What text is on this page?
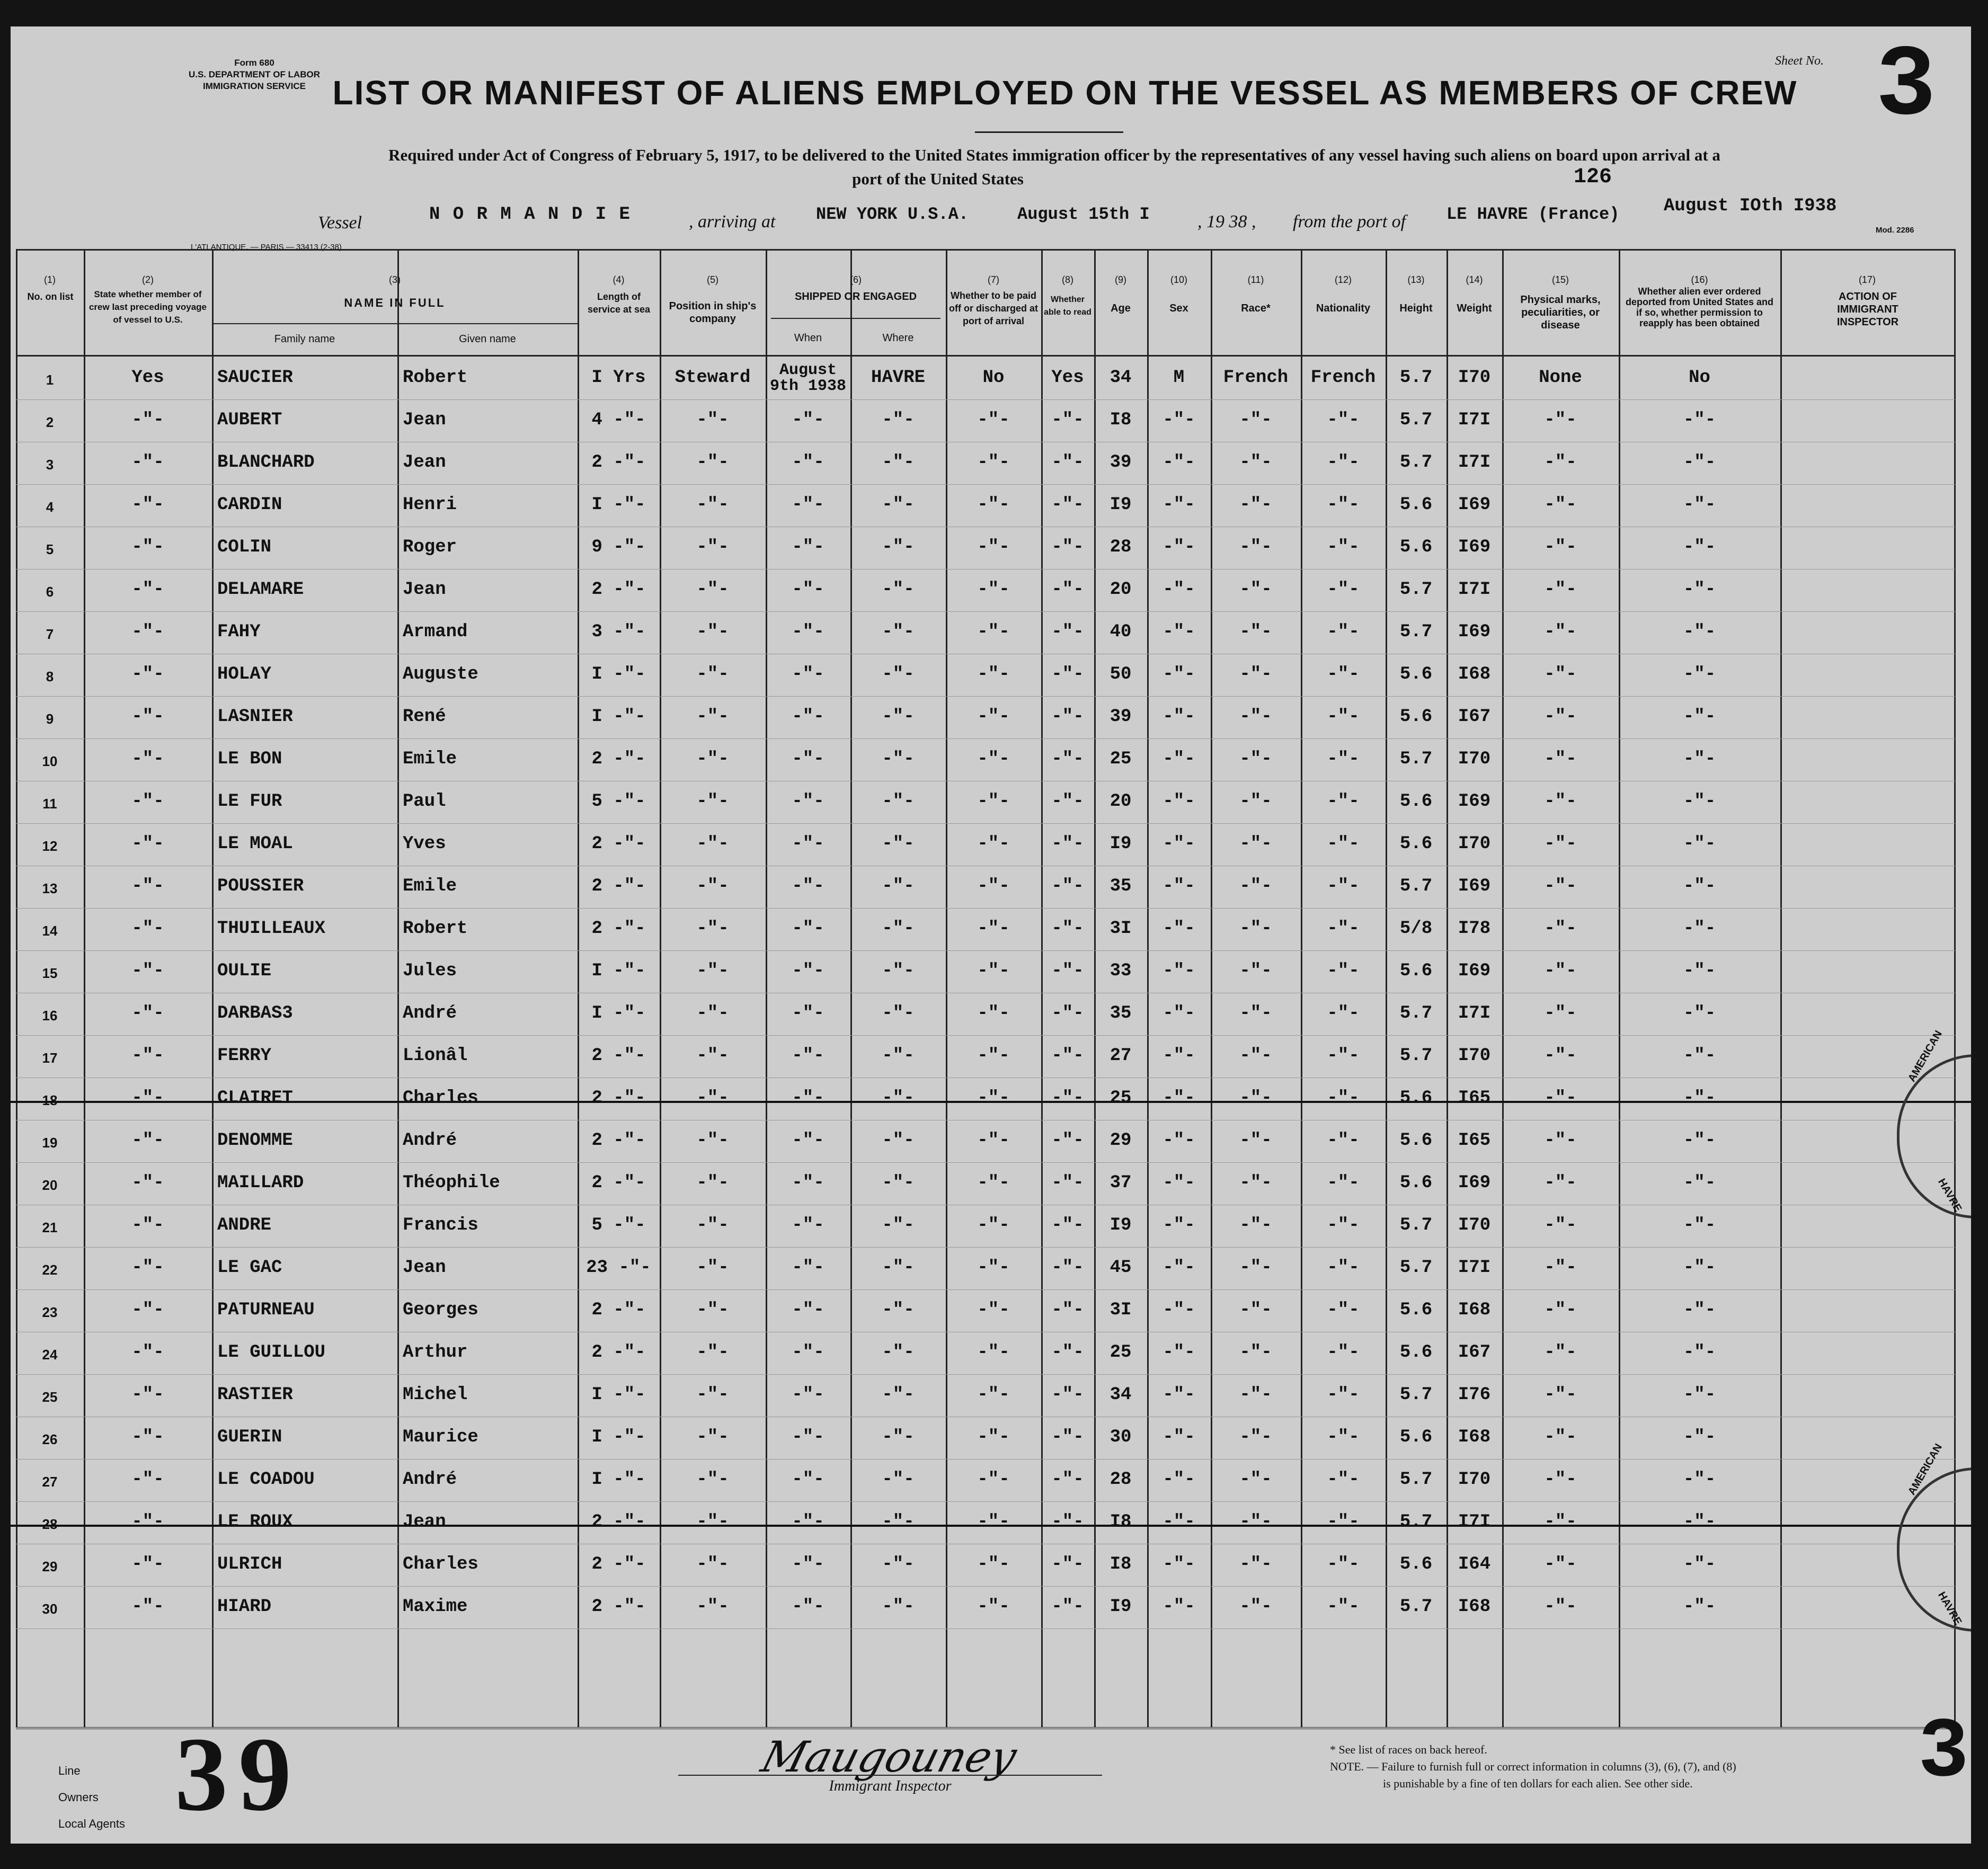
Form 680
U.S. DEPARTMENT OF LABOR
IMMIGRATION SERVICE
Sheet No. 3
LIST OR MANIFEST OF ALIENS EMPLOYED ON THE VESSEL AS MEMBERS OF CREW
Required under Act of Congress of February 5, 1917, to be delivered to the United States immigration officer by the representatives of any vessel having such aliens on board upon arrival at a
port of the United States	126
Vessel	N O R M A N D I E	, arriving at NEW YORK U.S.A.	August 15th I	, 19 38 , from the port of LE HAVRE (France) August IOth I938
L'ATLANTIQUE. — PARIS — 33413 (2-38)
Mod. 2286
(1)	(2)	(3)	(4)	(5)	(6)	(7)	(8)	(9)	(10)	(11)	(12)	(13)	(14)	(15)	(16)	(17)
No. on list	State whether member of crew last preceding voyage of vessel to U.S.
NAME IN FULL
Family name	Given name
Length of service at sea	Position in ship's company
SHIPPED OR ENGAGED
When	Where
Whether to be paid off or discharged at port of arrival
Whether able to read	Age	Sex	Race*	Nationality	Height	Weight
Physical marks, peculiarities, or disease
Whether alien ever ordered deported from United States and if so, whether permission to reapply has been obtained
ACTION OF IMMIGRANT INSPECTOR
1	Yes	SAUCIER	Robert	I Yrs	Steward	August 9th 1938	HAVRE	No	Yes	34	M	French	French	5.7	I70	None	No
2	-"-	AUBERT	Jean	4 -"-	-"-	-"-	-"-	-"-	-"-	I8	-"-	-"-	-"-	5.7	I7I	-"-	-"-
3	-"-	BLANCHARD	Jean	2 -"-	-"-	-"-	-"-	-"-	-"-	39	-"-	-"-	-"-	5.7	I7I	-"-	-"-
4	-"-	CARDIN	Henri	I -"-	-"-	-"-	-"-	-"-	-"-	I9	-"-	-"-	-"-	5.6	I69	-"-	-"-
5	-"-	COLIN	Roger	9 -"-	-"-	-"-	-"-	-"-	-"-	28	-"-	-"-	-"-	5.6	I69	-"-	-"-
6	-"-	DELAMARE	Jean	2 -"-	-"-	-"-	-"-	-"-	-"-	20	-"-	-"-	-"-	5.7	I7I	-"-	-"-
7	-"-	FAHY	Armand	3 -"-	-"-	-"-	-"-	-"-	-"-	40	-"-	-"-	-"-	5.7	I69	-"-	-"-
8	-"-	HOLAY	Auguste	I -"-	-"-	-"-	-"-	-"-	-"-	50	-"-	-"-	-"-	5.6	I68	-"-	-"-
9	-"-	LASNIER	René	I -"-	-"-	-"-	-"-	-"-	-"-	39	-"-	-"-	-"-	5.6	I67	-"-	-"-
10	-"-	LE BON	Emile	2 -"-	-"-	-"-	-"-	-"-	-"-	25	-"-	-"-	-"-	5.7	I70	-"-	-"-
11	-"-	LE FUR	Paul	5 -"-	-"-	-"-	-"-	-"-	-"-	20	-"-	-"-	-"-	5.6	I69	-"-	-"-
12	-"-	LE MOAL	Yves	2 -"-	-"-	-"-	-"-	-"-	-"-	I9	-"-	-"-	-"-	5.6	I70	-"-	-"-
13	-"-	POUSSIER	Emile	2 -"-	-"-	-"-	-"-	-"-	-"-	35	-"-	-"-	-"-	5.7	I69	-"-	-"-
14	-"-	THUILLEAUX	Robert	2 -"-	-"-	-"-	-"-	-"-	-"-	3I	-"-	-"-	-"-	5/8	I78	-"-	-"-
15	-"-	OULIE	Jules	I -"-	-"-	-"-	-"-	-"-	-"-	33	-"-	-"-	-"-	5.6	I69	-"-	-"-
16	-"-	DARBAS3	André	I -"-	-"-	-"-	-"-	-"-	-"-	35	-"-	-"-	-"-	5.7	I7I	-"-	-"-
17	-"-	FERRY	Lionâl	2 -"-	-"-	-"-	-"-	-"-	-"-	27	-"-	-"-	-"-	5.7	I70	-"-	-"-
18	-"-	CLAIRET	Charles	2 -"-	-"-	-"-	-"-	-"-	-"-	25	-"-	-"-	-"-	5.6	I65	-"-	-"-
19	-"-	DENOMME	André	2 -"-	-"-	-"-	-"-	-"-	-"-	29	-"-	-"-	-"-	5.6	I65	-"-	-"-
20	-"-	MAILLARD	Théophile	2 -"-	-"-	-"-	-"-	-"-	-"-	37	-"-	-"-	-"-	5.6	I69	-"-	-"-
21	-"-	ANDRE	Francis	5 -"-	-"-	-"-	-"-	-"-	-"-	I9	-"-	-"-	-"-	5.7	I70	-"-	-"-
22	-"-	LE GAC	Jean	23 -"-	-"-	-"-	-"-	-"-	-"-	45	-"-	-"-	-"-	5.7	I7I	-"-	-"-
23	-"-	PATURNEAU	Georges	2 -"-	-"-	-"-	-"-	-"-	-"-	3I	-"-	-"-	-"-	5.6	I68	-"-	-"-
24	-"-	LE GUILLOU	Arthur	2 -"-	-"-	-"-	-"-	-"-	-"-	25	-"-	-"-	-"-	5.6	I67	-"-	-"-
25	-"-	RASTIER	Michel	I -"-	-"-	-"-	-"-	-"-	-"-	34	-"-	-"-	-"-	5.7	I76	-"-	-"-
26	-"-	GUERIN	Maurice	I -"-	-"-	-"-	-"-	-"-	-"-	30	-"-	-"-	-"-	5.6	I68	-"-	-"-
27	-"-	LE COADOU	André	I -"-	-"-	-"-	-"-	-"-	-"-	28	-"-	-"-	-"-	5.7	I70	-"-	-"-
28	-"-	LE ROUX	Jean	2 -"-	-"-	-"-	-"-	-"-	-"-	I8	-"-	-"-	-"-	5.7	I7I	-"-	-"-
29	-"-	ULRICH	Charles	2 -"-	-"-	-"-	-"-	-"-	-"-	I8	-"-	-"-	-"-	5.6	I64	-"-	-"-
30	-"-	HIARD	Maxime	2 -"-	-"-	-"-	-"-	-"-	-"-	I9	-"-	-"-	-"-	5.7	I68	-"-	-"-
AMERICAN
HAVRE
AMERICAN
HAVRE
Line
Owners
Local Agents 39	Maugouney
Immigrant Inspector
* See list of races on back hereof.
NOTE. — Failure to furnish full or correct information in columns (3), (6), (7), and (8)
is punishable by a fine of ten dollars for each alien. See other side.	3
